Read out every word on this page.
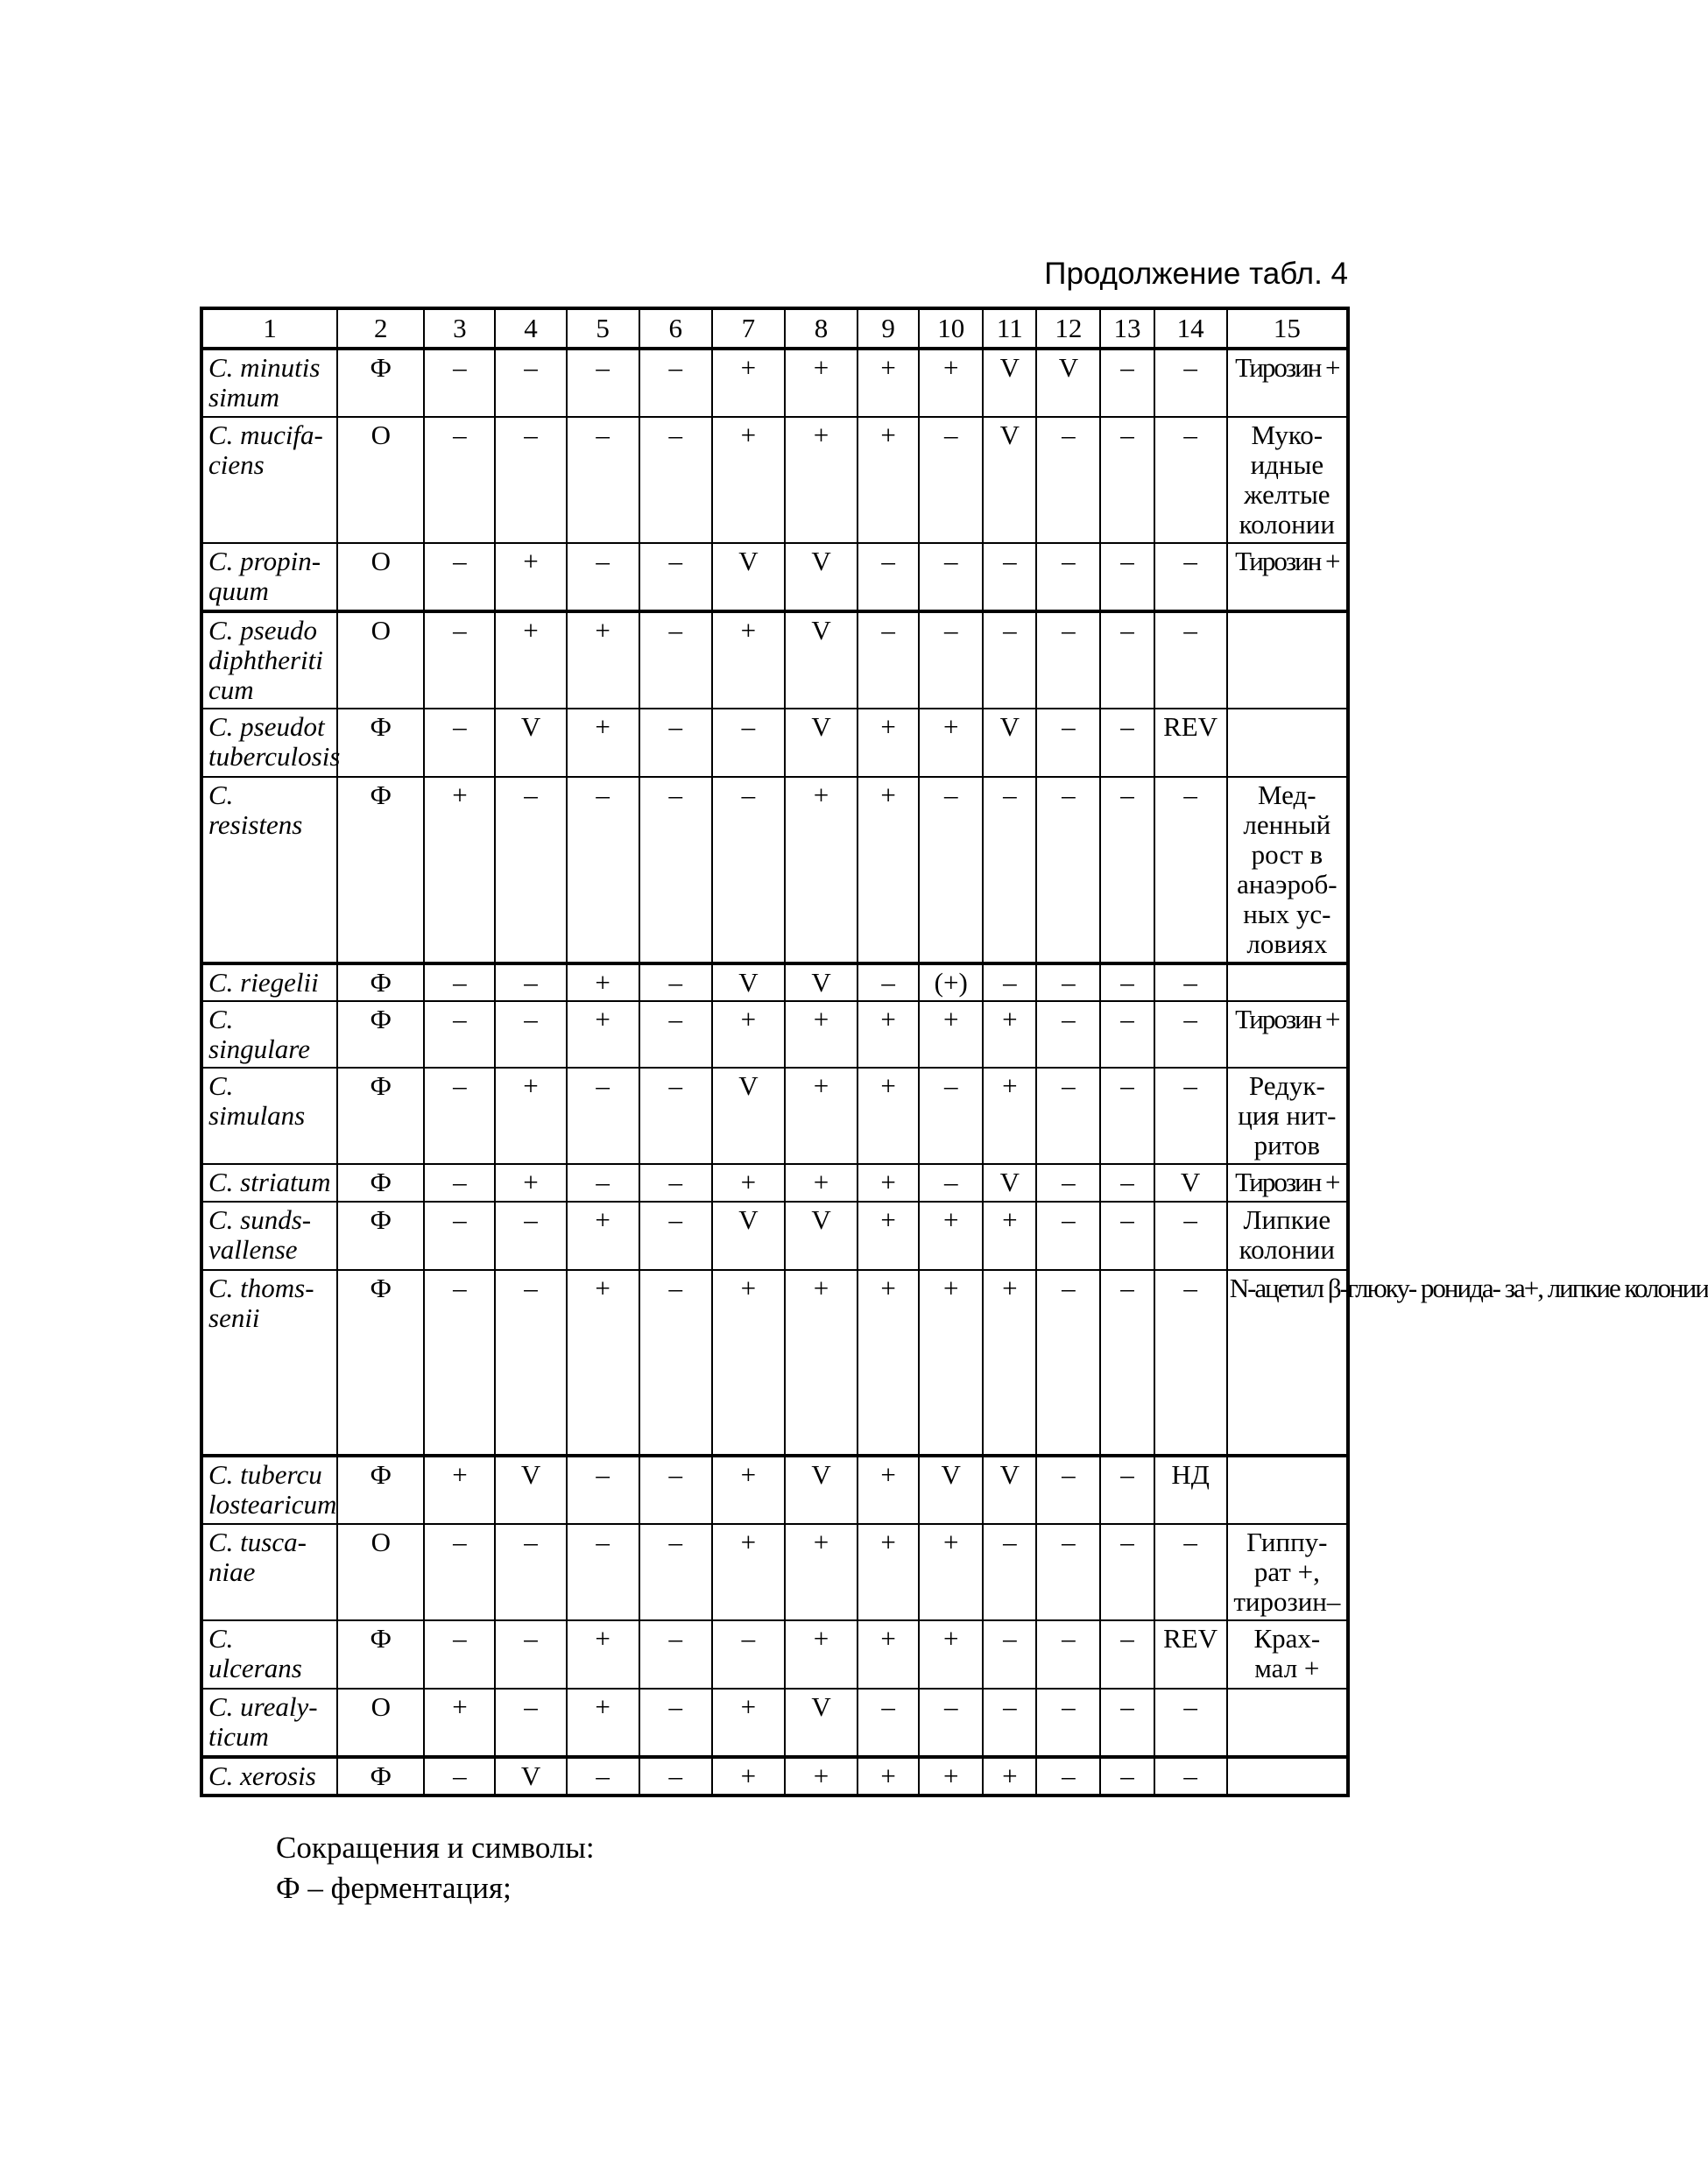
Продолжение табл. 4
1	2	3	4	5	6	7	8	9	10	11	12	13	14	15
C. minutis simum	Ф	–	–	–	–	+	+	+	+	V	V	–	–	Тирозин +
C. mucifa- ciens	О	–	–	–	–	+	+	+	–	V	–	–	–	Муко- идные желтые колонии
C. propin- quum	О	–	+	–	–	V	V	–	–	–	–	–	–	Тирозин +
C. pseudo diphtheriti cum	О	–	+	+	–	+	V	–	–	–	–	–	–	
C. pseudot tuberculosis	Ф	–	V	+	–	–	V	+	+	V	–	–	REV	
C. resistens	Ф	+	–	–	–	–	+	+	–	–	–	–	–	Мед- ленный рост в анаэроб- ных ус- ловиях
C. riegelii	Ф	–	–	+	–	V	V	–	(+)	–	–	–	–	
C. singulare	Ф	–	–	+	–	+	+	+	+	+	–	–	–	Тирозин +
C. simulans	Ф	–	+	–	–	V	+	+	–	+	–	–	–	Редук- ция нит- ритов
C. striatum	Ф	–	+	–	–	+	+	+	–	V	–	–	V	Тирозин +
C. sunds- vallense	Ф	–	–	+	–	V	V	+	+	+	–	–	–	Липкие колонии
C. thoms- senii	Ф	–	–	+	–	+	+	+	+	+	–	–	–	N-ацетил β-глюку- ронида- за+, липкие колонии
C. tubercu lostearicum	Ф	+	V	–	–	+	V	+	V	V	–	–	НД	
C. tusca- niae	О	–	–	–	–	+	+	+	+	–	–	–	–	Гиппу- рат +, тирозин–
C. ulcerans	Ф	–	–	+	–	–	+	+	+	–	–	–	REV	Крах- мал +
C. urealy- ticum	О	+	–	+	–	+	V	–	–	–	–	–	–	
C. xerosis	Ф	–	V	–	–	+	+	+	+	+	–	–	–	
Сокращения и символы:
Ф – ферментация;
